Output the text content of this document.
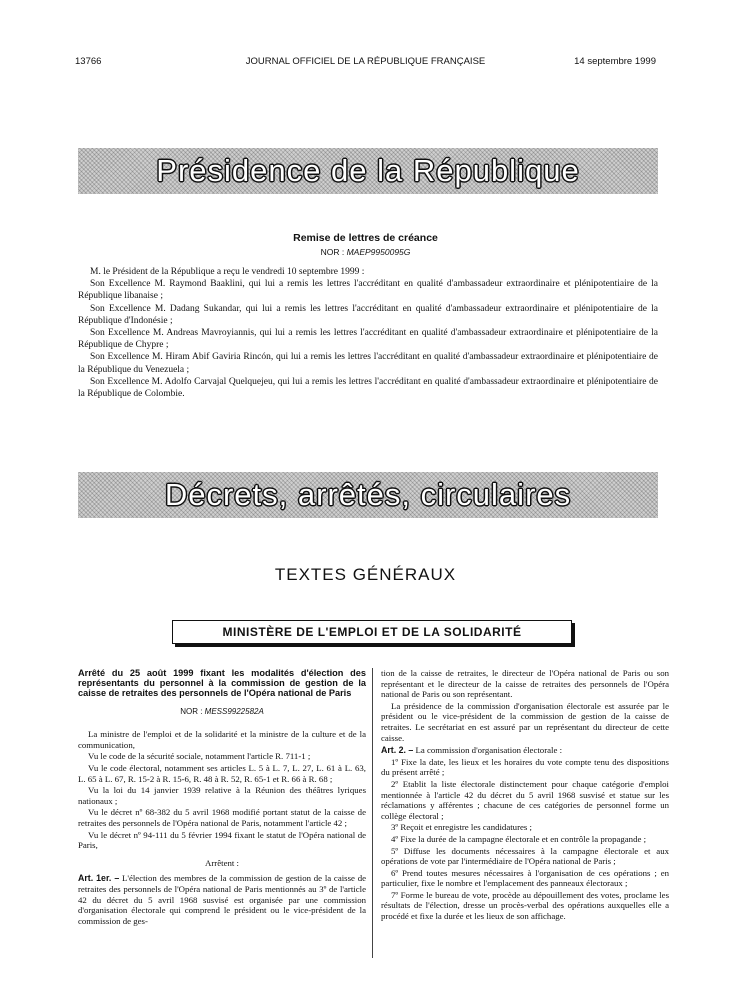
13766	JOURNAL OFFICIEL DE LA RÉPUBLIQUE FRANÇAISE	14 septembre 1999
Présidence de la République
Remise de lettres de créance
NOR : MAEP9950095G

M. le Président de la République a reçu le vendredi 10 septembre 1999 :

Son Excellence M. Raymond Baaklini, qui lui a remis les lettres l'accréditant en qualité d'ambassadeur extraordinaire et plénipotentiaire de la République libanaise ;

Son Excellence M. Dadang Sukandar, qui lui a remis les lettres l'accréditant en qualité d'ambassadeur extraordinaire et plénipotentiaire de la République d'Indonésie ;

Son Excellence M. Andreas Mavroyiannis, qui lui a remis les lettres l'accréditant en qualité d'ambassadeur extraordinaire et plénipotentiaire de la République de Chypre ;

Son Excellence M. Hiram Abif Gaviria Rincón, qui lui a remis les lettres l'accréditant en qualité d'ambassadeur extraordinaire et plénipotentiaire de la République du Venezuela ;

Son Excellence M. Adolfo Carvajal Quelquejeu, qui lui a remis les lettres l'accréditant en qualité d'ambassadeur extraordinaire et plénipotentiaire de la République de Colombie.

Décrets, arrêtés, circulaires
TEXTES GÉNÉRAUX
MINISTÈRE DE L'EMPLOI ET DE LA SOLIDARITÉ

Arrêté du 25 août 1999 fixant les modalités d'élection des représentants du personnel à la commission de gestion de la caisse de retraites des personnels de l'Opéra national de Paris

NOR : MESS9922582A

La ministre de l'emploi et de la solidarité et la ministre de la culture et de la communication,

Vu le code de la sécurité sociale, notamment l'article R. 711-1 ;

Vu le code électoral, notamment ses articles L. 5 à L. 7, L. 27, L. 61 à L. 63, L. 65 à L. 67, R. 15-2 à R. 15-6, R. 48 à R. 52, R. 65-1 et R. 66 à R. 68 ;

Vu la loi du 14 janvier 1939 relative à la Réunion des théâtres lyriques nationaux ;

Vu le décret nº 68-382 du 5 avril 1968 modifié portant statut de la caisse de retraites des personnels de l'Opéra national de Paris, notamment l'article 42 ;

Vu le décret nº 94-111 du 5 février 1994 fixant le statut de l'Opéra national de Paris,

Arrêtent :

Art. 1er. – L'élection des membres de la commission de gestion de la caisse de retraites des personnels de l'Opéra national de Paris mentionnés au 3º de l'article 42 du décret du 5 avril 1968 susvisé est organisée par une commission d'organisation électorale qui comprend le président ou le vice-président de la commission de ges-

tion de la caisse de retraites, le directeur de l'Opéra national de Paris ou son représentant et le directeur de la caisse de retraites des personnels de l'Opéra national de Paris ou son représentant.

La présidence de la commission d'organisation électorale est assurée par le président ou le vice-président de la commission de gestion de la caisse de retraites. Le secrétariat en est assuré par un représentant du directeur de cette caisse.

Art. 2. – La commission d'organisation électorale :

1º Fixe la date, les lieux et les horaires du vote compte tenu des dispositions du présent arrêté ;

2º Etablit la liste électorale distinctement pour chaque catégorie d'emploi mentionnée à l'article 42 du décret du 5 avril 1968 susvisé et statue sur les réclamations y afférentes ; chacune de ces catégories de personnel forme un collège électoral ;

3º Reçoit et enregistre les candidatures ;

4º Fixe la durée de la campagne électorale et en contrôle la propagande ;

5º Diffuse les documents nécessaires à la campagne électorale et aux opérations de vote par l'intermédiaire de l'Opéra national de Paris ;

6º Prend toutes mesures nécessaires à l'organisation de ces opérations ; en particulier, fixe le nombre et l'emplacement des panneaux électoraux ;

7º Forme le bureau de vote, procède au dépouillement des votes, proclame les résultats de l'élection, dresse un procès-verbal des opérations auxquelles elle a procédé et fixe la durée et les lieux de son affichage.
